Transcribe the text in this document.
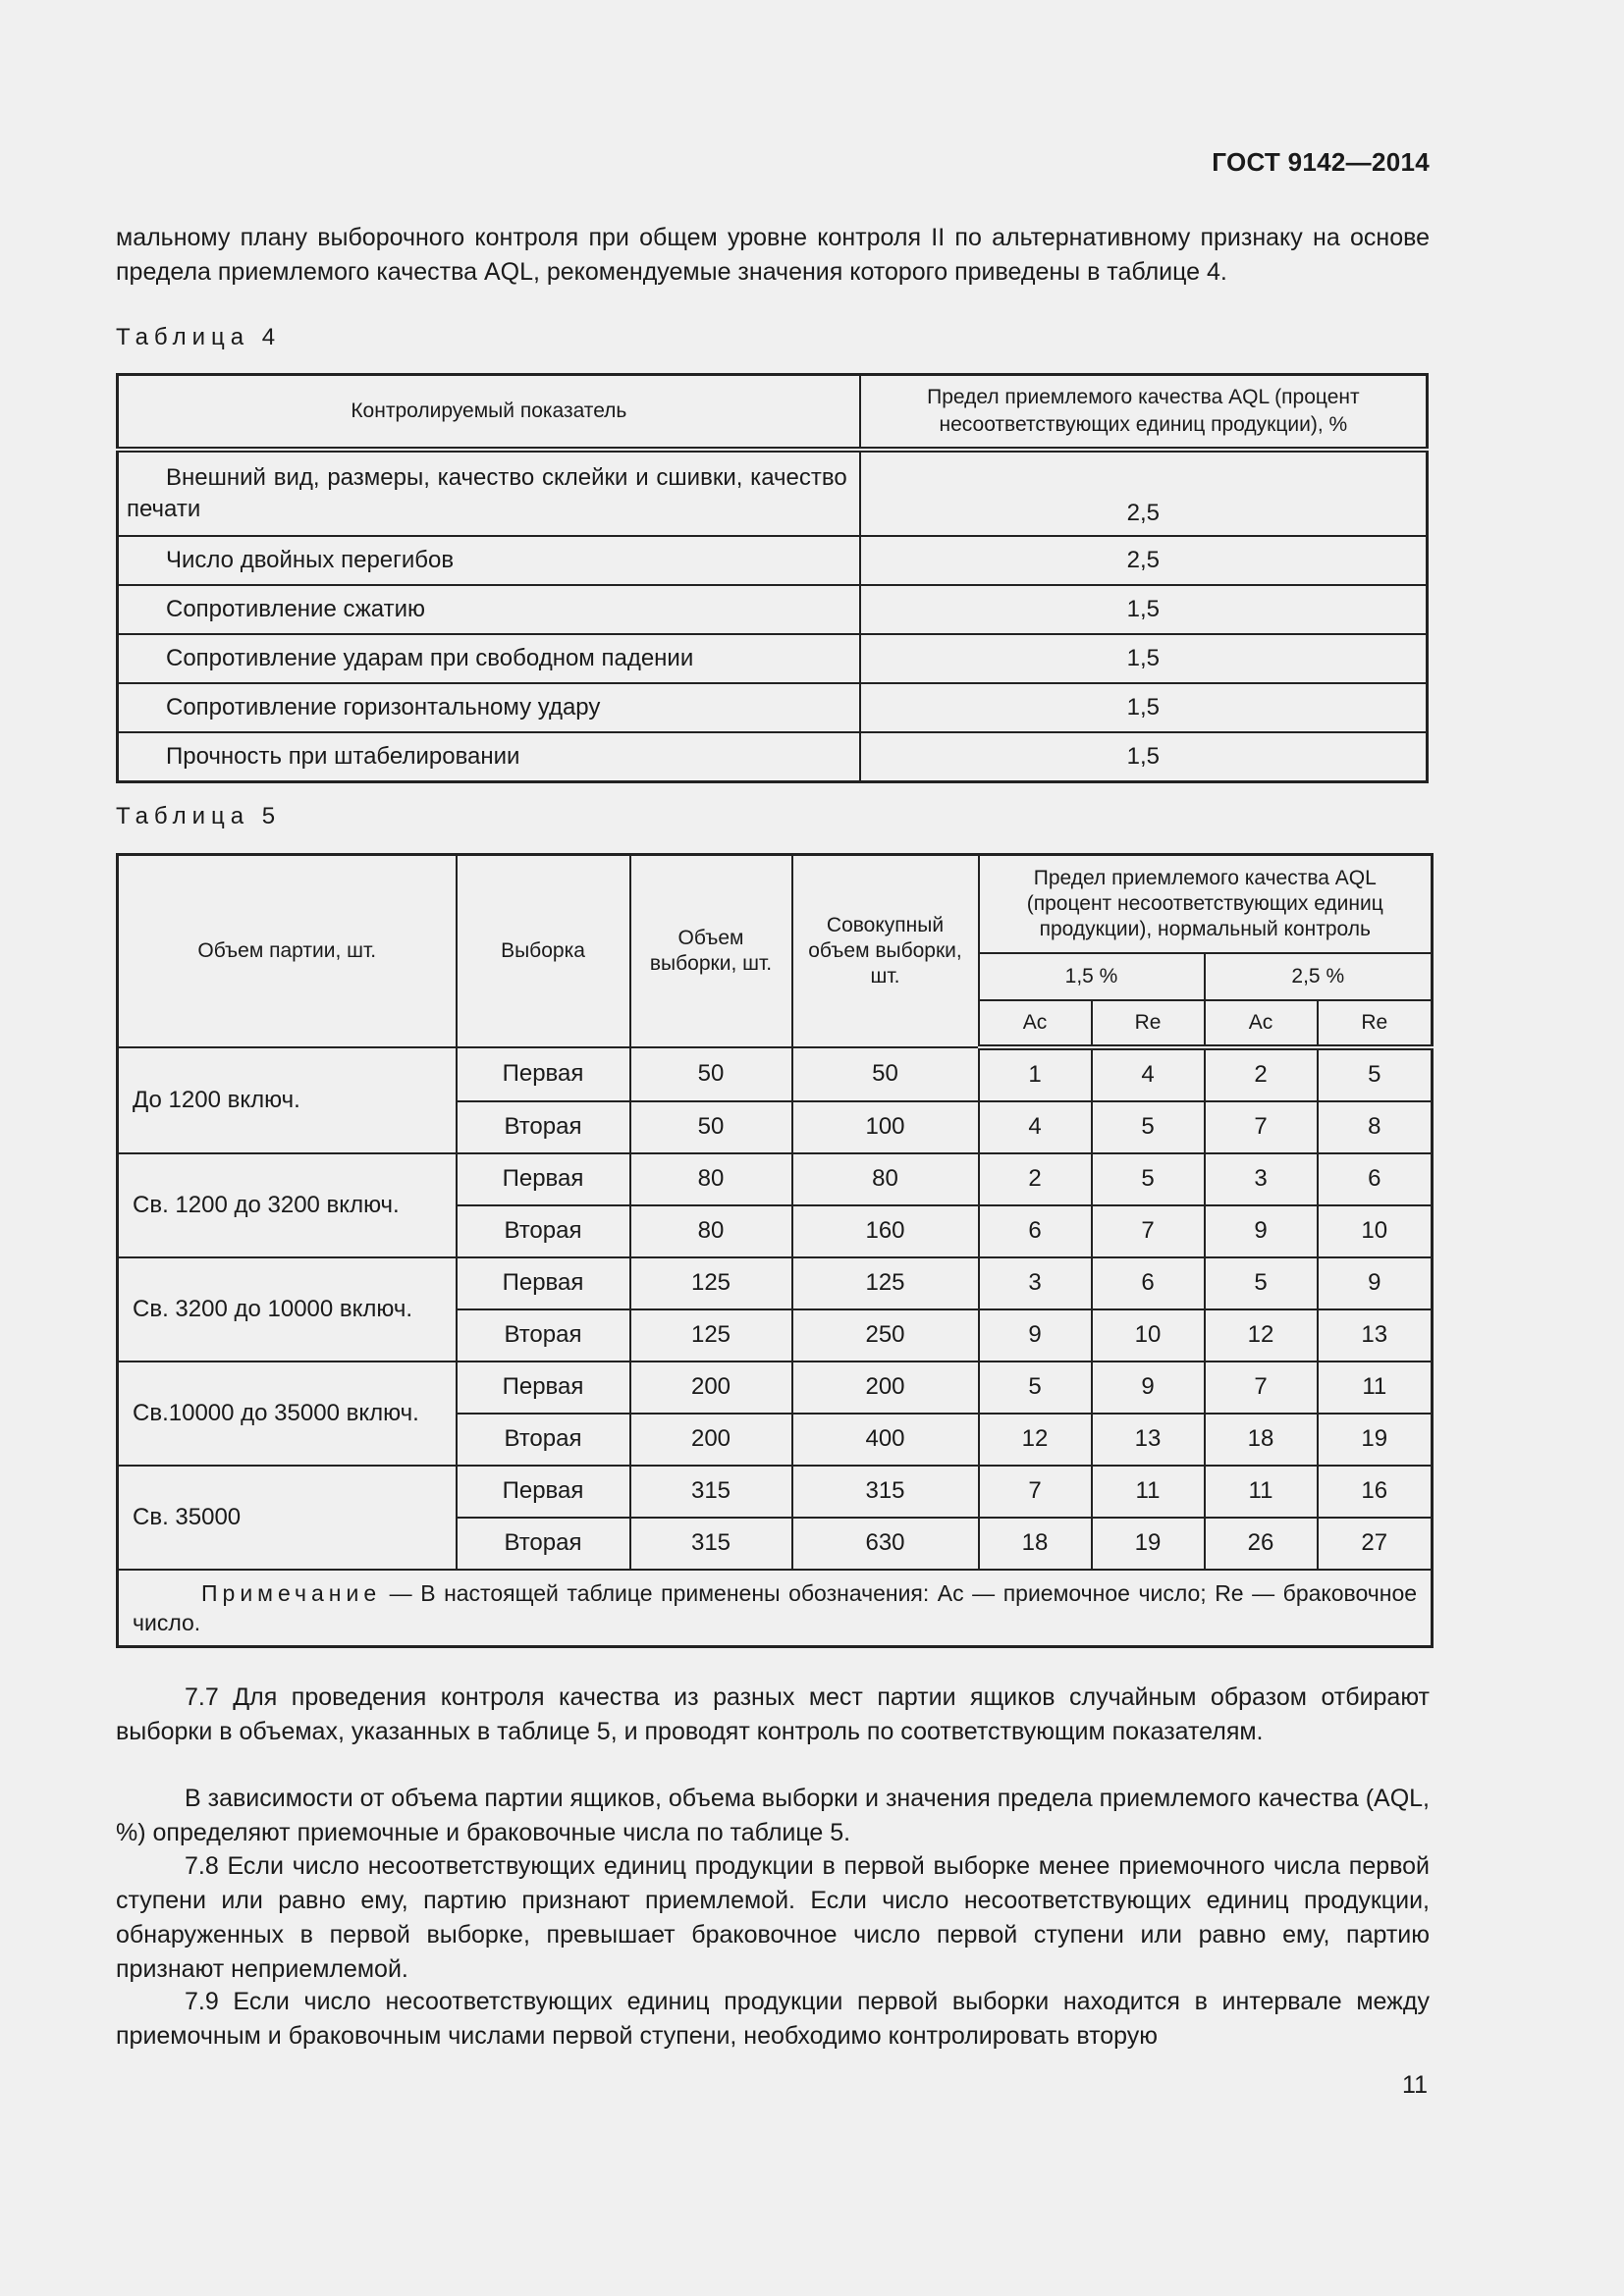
ГОСТ 9142—2014
мальному плану выборочного контроля при общем уровне контроля II по альтернативному признаку на основе предела приемлемого качества AQL, рекомендуемые значения которого приведены в таблице 4.
Таблица 4
Контролируемый показатель	Предел приемлемого качества AQL (процент несоответствующих единиц продукции), %
Внешний вид, размеры, качество склейки и сшивки, качество печати	2,5
Число двойных перегибов	2,5
Сопротивление сжатию	1,5
Сопротивление ударам при свободном падении	1,5
Сопротивление горизонтальному удару	1,5
Прочность при штабелировании	1,5
Таблица 5
Объем партии, шт.	Выборка	Объем выборки, шт.	Совокупный объем выборки, шт.	Предел приемлемого качества AQL (процент несоответствующих единиц продукции), нормальный контроль			
				1,5 %		2,5 %	
				Ac	Re	Ac	Re
До 1200 включ.	Первая	50	50	1	4	2	5
	Вторая	50	100	4	5	7	8
Св. 1200 до 3200 включ.	Первая	80	80	2	5	3	6
	Вторая	80	160	6	7	9	10
Св. 3200 до 10000 включ.	Первая	125	125	3	6	5	9
	Вторая	125	250	9	10	12	13
Св.10000 до 35000 включ.	Первая	200	200	5	9	7	11
	Вторая	200	400	12	13	18	19
Св. 35000	Первая	315	315	7	11	11	16
	Вторая	315	630	18	19	26	27
Примечание — В настоящей таблице применены обозначения: Ac — приемочное число; Re — браковочное число.							
7.7 Для проведения контроля качества из разных мест партии ящиков случайным образом отбирают выборки в объемах, указанных в таблице 5, и проводят контроль по соответствующим показателям.
В зависимости от объема партии ящиков, объема выборки и значения предела приемлемого качества (AQL, %) определяют приемочные и браковочные числа по таблице 5.
7.8 Если число несоответствующих единиц продукции в первой выборке менее приемочного числа первой ступени или равно ему, партию признают приемлемой. Если число несоответствующих единиц продукции, обнаруженных в первой выборке, превышает браковочное число первой ступени или равно ему, партию признают неприемлемой.
7.9 Если число несоответствующих единиц продукции первой выборки находится в интервале между приемочным и браковочным числами первой ступени, необходимо контролировать вторую
11
